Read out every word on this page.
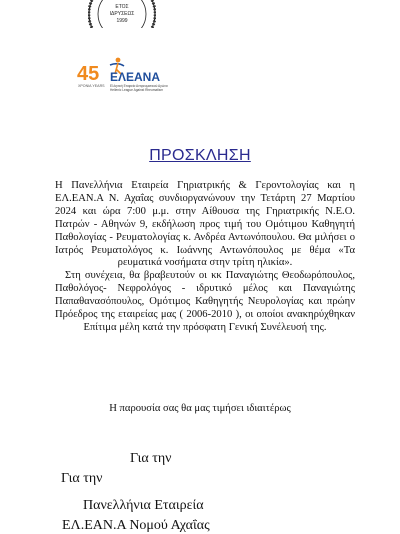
ΕΤΟΣ
ΙΔΡΥΣΕΩΣ
1999
45
ΧΡΟΝΙΑ YEARS
ΕΛΕΑΝΑ
Ελληνική Εταιρεία Αντιρευματικού Αγώνα
Hellenic League Against Rheumatism
ΠΡΟΣΚΛΗΣΗ

Η Πανελλήνια Εταιρεία Γηριατρικής & Γεροντολογίας και η ΕΛ.ΕΑΝ.Α Ν. Αχαΐας συνδιοργανώνουν την Τετάρτη 27 Μαρτίου 2024 και ώρα 7:00 μ.μ. στην Αίθουσα της Γηριατρικής Ν.Ε.Ο. Πατρών - Αθηνών 9, εκδήλωση προς τιμή του Ομότιμου Καθηγητή Παθολογίας - Ρευματολογίας κ. Ανδρέα Αντωνόπουλου. Θα μιλήσει ο Ιατρός Ρευματολόγος κ. Ιωάννης Αντωνόπουλος με θέμα «Τα ρευματικά νοσήματα στην τρίτη ηλικία».

Στη συνέχεια, θα βραβευτούν οι κκ Παναγιώτης Θεοδωρόπουλος, Παθολόγος- Νεφρολόγος - ιδρυτικό μέλος και Παναγιώτης Παπαθανασόπουλος, Ομότιμος Καθηγητής Νευρολογίας και πρώην Πρόεδρος της εταιρείας μας ( 2006-2010 ), οι οποίοι ανακηρύχθηκαν Επίτιμα μέλη κατά την πρόσφατη Γενική Συνέλευσή της.

Η παρουσία σας θα μας τιμήσει ιδιαιτέρως
Για την
Για την
Πανελλήνια Εταιρεία
ΕΛ.ΕΑΝ.Α Νομού Αχαΐας
